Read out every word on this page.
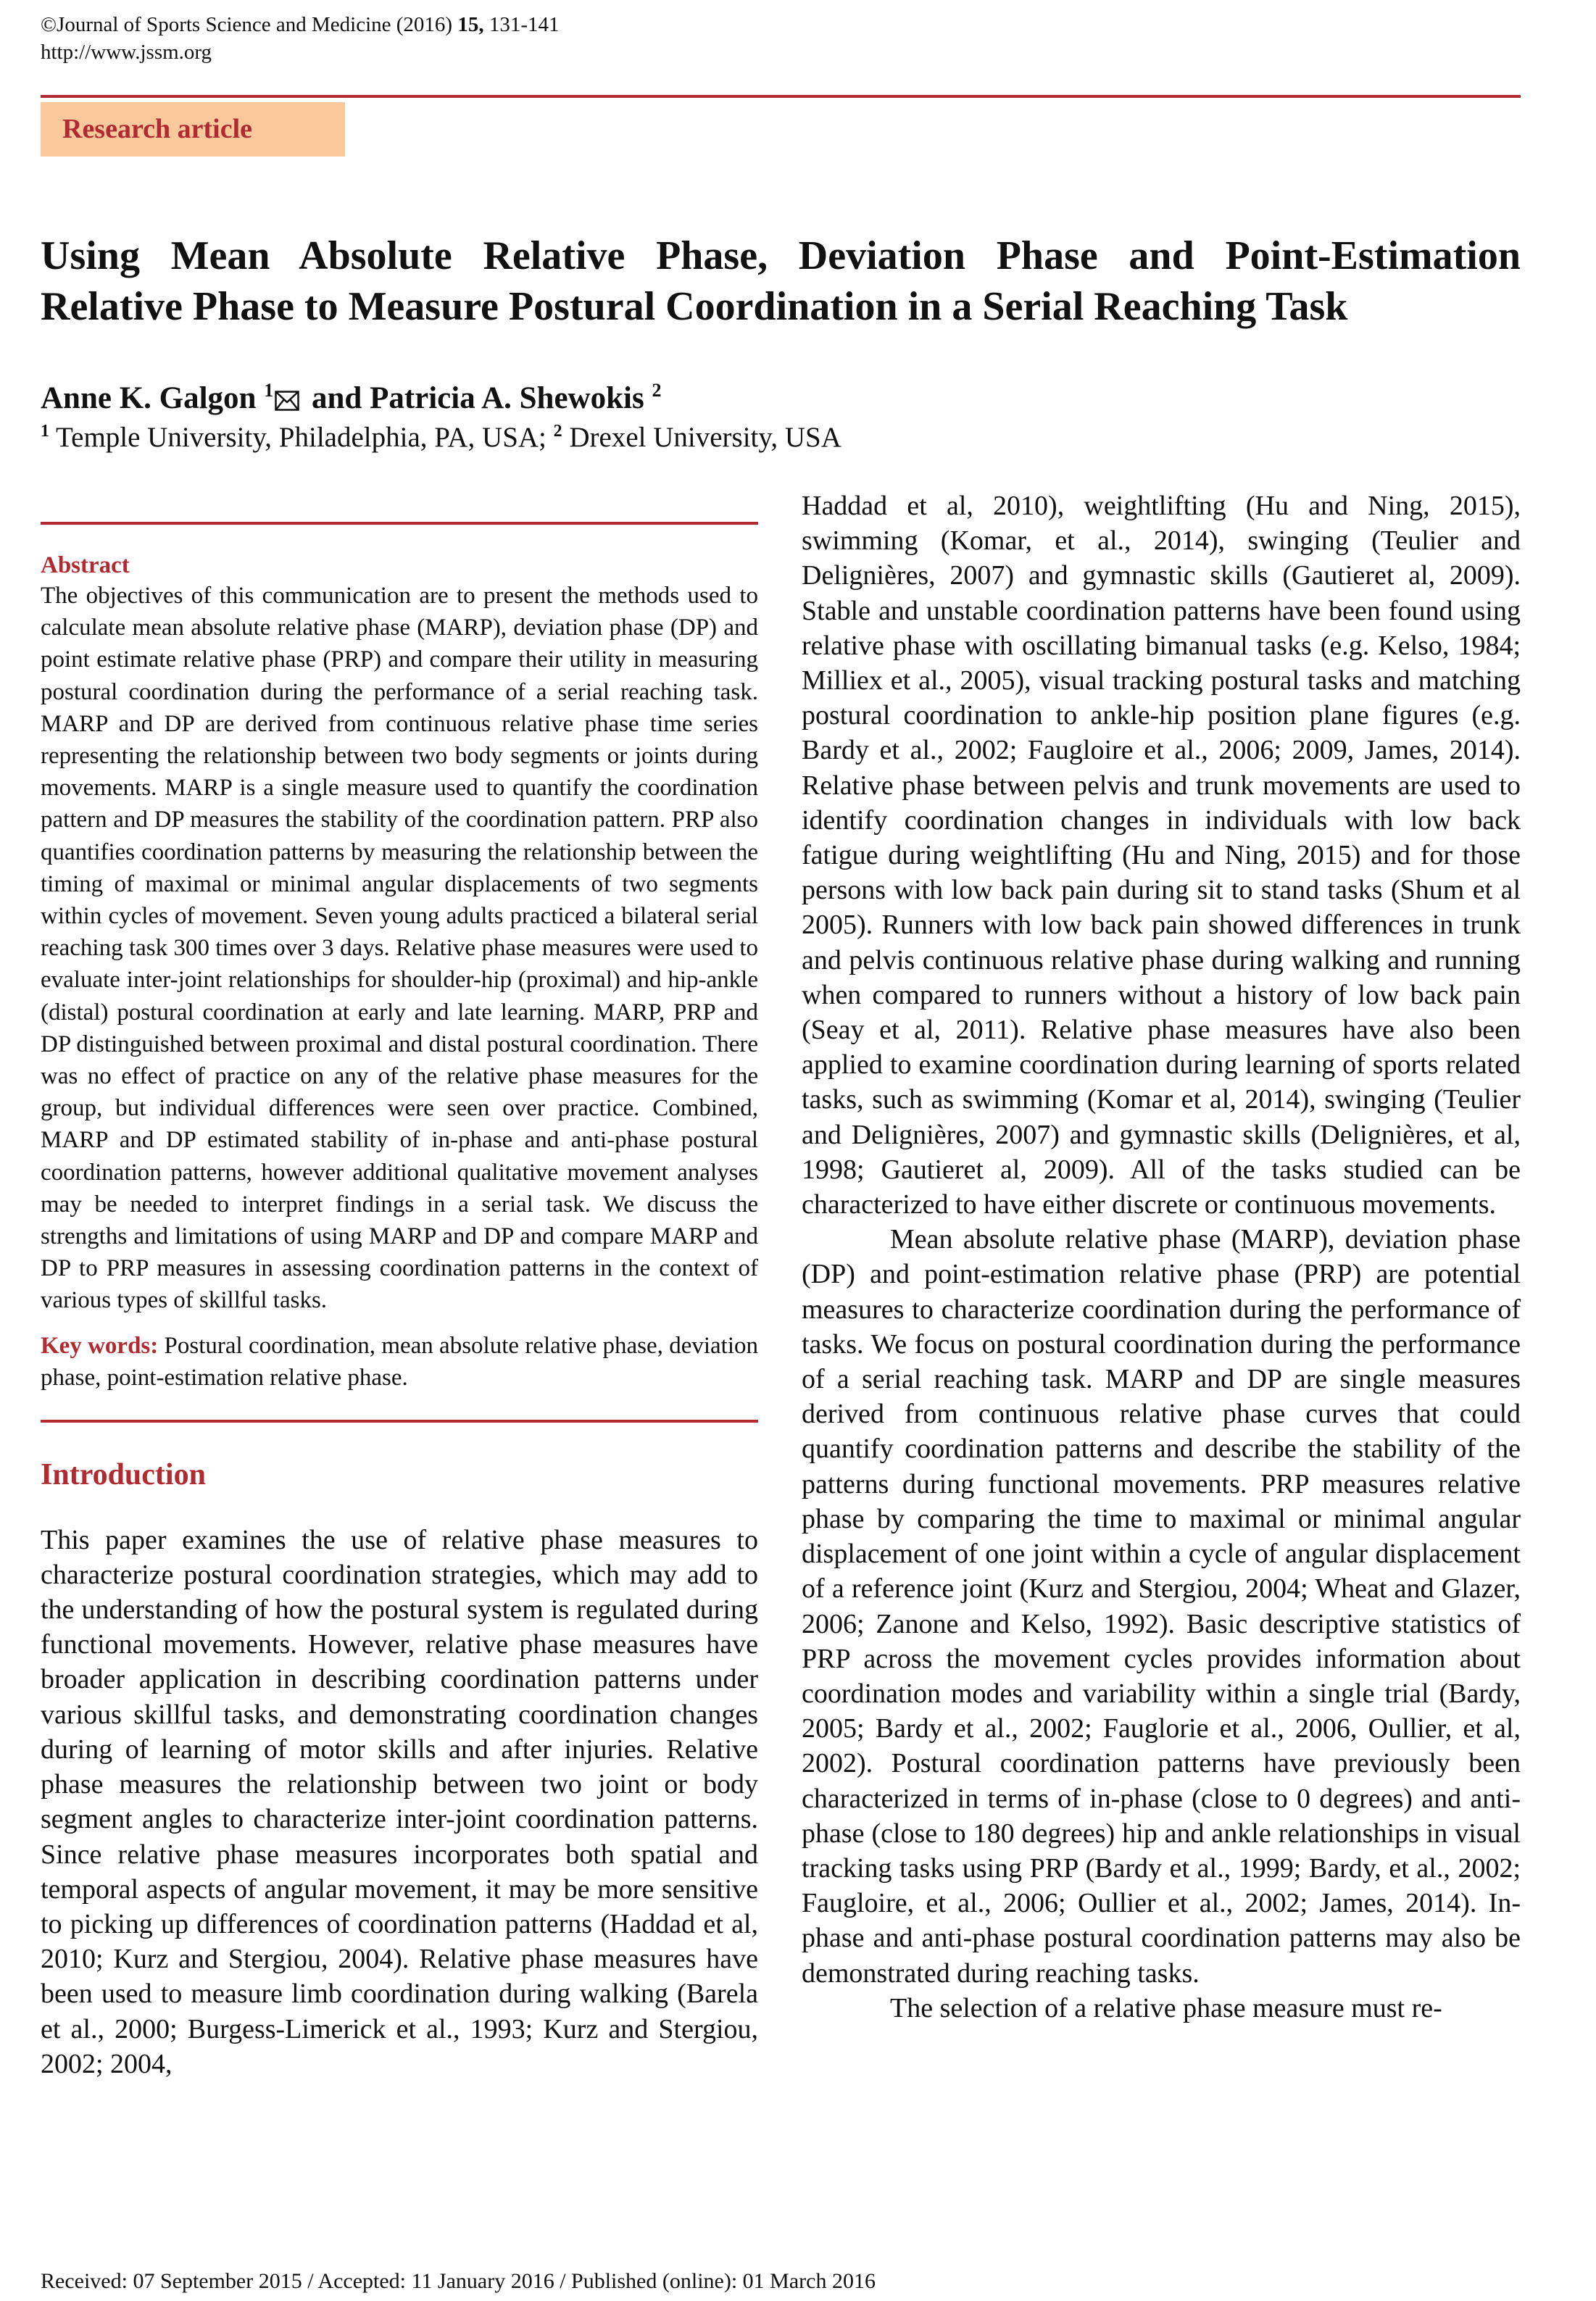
©Journal of Sports Science and Medicine (2016) 15, 131-141
http://www.jssm.org
Research article
Using Mean Absolute Relative Phase, Deviation Phase and Point-Estimation
Relative Phase to Measure Postural Coordination in a Serial Reaching Task
Anne K. Galgon $^1$ and Patricia A. Shewokis $^2$
$^1$ Temple University, Philadelphia, PA, USA; $^2$ Drexel University, USA
Abstract
The objectives of this communication are to present the methods used to calculate mean absolute relative phase (MARP), deviation phase (DP) and point estimate relative phase (PRP) and compare their utility in measuring postural coordination during the performance of a serial reaching task. MARP and DP are derived from continuous relative phase time series representing the relationship between two body segments or joints during movements. MARP is a single measure used to quantify the coordination pattern and DP measures the stability of the coordination pattern. PRP also quantifies coordination patterns by measuring the relationship between the timing of maximal or minimal angular displacements of two segments within cycles of movement. Seven young adults practiced a bilateral serial reaching task 300 times over 3 days. Relative phase measures were used to evaluate inter-joint relationships for shoulder-hip (proximal) and hip-ankle (distal) postural coordination at early and late learning. MARP, PRP and DP distinguished between proximal and distal postural coordination. There was no effect of practice on any of the relative phase measures for the group, but individual differences were seen over practice. Combined, MARP and DP estimated stability of in-phase and anti-phase postural coordination patterns, however additional qualitative movement analyses may be needed to interpret findings in a serial task. We discuss the strengths and limitations of using MARP and DP and compare MARP and DP to PRP measures in assessing coordination patterns in the context of various types of skillful tasks.
Key words: Postural coordination, mean absolute relative phase, deviation phase, point-estimation relative phase.
Introduction
This paper examines the use of relative phase measures to characterize postural coordination strategies, which may add to the understanding of how the postural system is regulated during functional movements. However, relative phase measures have broader application in describing coordination patterns under various skillful tasks, and demonstrating coordination changes during of learning of motor skills and after injuries. Relative phase measures the relationship between two joint or body segment angles to characterize inter-joint coordination patterns. Since relative phase measures incorporates both spatial and temporal aspects of angular movement, it may be more sensitive to picking up differences of coordination patterns (Haddad et al, 2010; Kurz and Stergiou, 2004). Relative phase measures have been used to measure limb coordination during walking (Barela et al., 2000; Burgess-Limerick et al., 1993; Kurz and Stergiou, 2002; 2004,

Haddad et al, 2010), weightlifting (Hu and Ning, 2015), swimming (Komar, et al., 2014), swinging (Teulier and Delignières, 2007) and gymnastic skills (Gautieret al, 2009). Stable and unstable coordination patterns have been found using relative phase with oscillating bimanual tasks (e.g. Kelso, 1984; Milliex et al., 2005), visual tracking postural tasks and matching postural coordination to ankle-hip position plane figures (e.g. Bardy et al., 2002; Faugloire et al., 2006; 2009, James, 2014). Relative phase between pelvis and trunk movements are used to identify coordination changes in individuals with low back fatigue during weightlifting (Hu and Ning, 2015) and for those persons with low back pain during sit to stand tasks (Shum et al 2005). Runners with low back pain showed differences in trunk and pelvis continuous relative phase during walking and running when compared to runners without a history of low back pain (Seay et al, 2011). Relative phase measures have also been applied to examine coordination during learning of sports related tasks, such as swimming (Komar et al, 2014), swinging (Teulier and Delignières, 2007) and gymnastic skills (Delignières, et al, 1998; Gautieret al, 2009). All of the tasks studied can be characterized to have either discrete or continuous movements.

Mean absolute relative phase (MARP), deviation phase (DP) and point-estimation relative phase (PRP) are potential measures to characterize coordination during the performance of tasks. We focus on postural coordination during the performance of a serial reaching task. MARP and DP are single measures derived from continuous relative phase curves that could quantify coordination patterns and describe the stability of the patterns during functional movements. PRP measures relative phase by comparing the time to maximal or minimal angular displacement of one joint within a cycle of angular displacement of a reference joint (Kurz and Stergiou, 2004; Wheat and Glazer, 2006; Zanone and Kelso, 1992). Basic descriptive statistics of PRP across the movement cycles provides information about coordination modes and variability within a single trial (Bardy, 2005; Bardy et al., 2002; Fauglorie et al., 2006, Oullier, et al, 2002). Postural coordination patterns have previously been characterized in terms of in-phase (close to 0 degrees) and anti-phase (close to 180 degrees) hip and ankle relationships in visual tracking tasks using PRP (Bardy et al., 1999; Bardy, et al., 2002; Faugloire, et al., 2006; Oullier et al., 2002; James, 2014). In-phase and anti-phase postural coordination patterns may also be demonstrated during reaching tasks.

The selection of a relative phase measure must re-

Received: 07 September 2015 / Accepted: 11 January 2016 / Published (online): 01 March 2016
